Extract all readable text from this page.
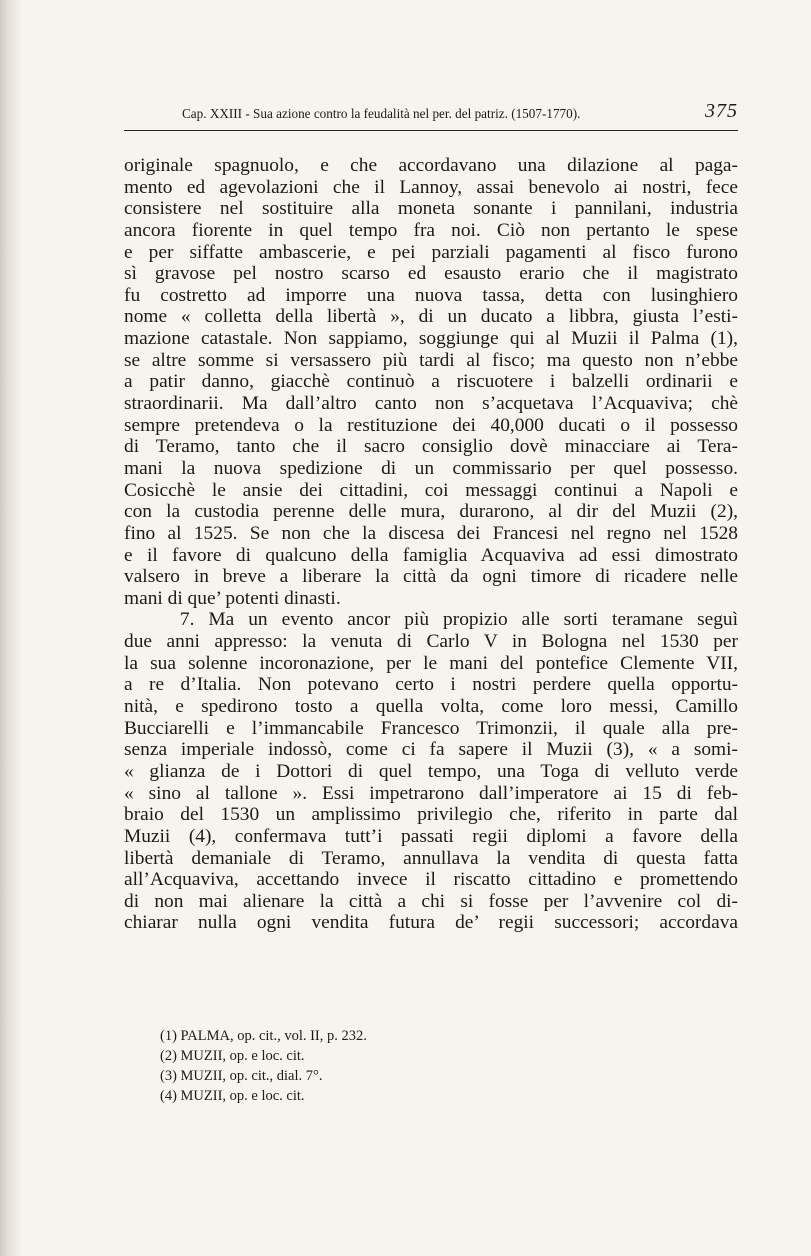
Cap. XXIII - Sua azione contro la feudalità nel per. del patriz. (1507-1770).	375
originale spagnuolo, e che accordavano una dilazione al paga-
mento ed agevolazioni che il Lannoy, assai benevolo ai nostri, fece
consistere nel sostituire alla moneta sonante i pannilani, industria
ancora fiorente in quel tempo fra noi. Ciò non pertanto le spese
e per siffatte ambascerie, e pei parziali pagamenti al fisco furono
sì gravose pel nostro scarso ed esausto erario che il magistrato
fu costretto ad imporre una nuova tassa, detta con lusinghiero
nome « colletta della libertà », di un ducato a libbra, giusta l’esti-
mazione catastale. Non sappiamo, soggiunge qui al Muzii il Palma (1),
se altre somme si versassero più tardi al fisco; ma questo non n’ebbe
a patir danno, giacchè continuò a riscuotere i balzelli ordinarii e
straordinarii. Ma dall’altro canto non s’acquetava l’Acquaviva; chè
sempre pretendeva o la restituzione dei 40,000 ducati o il possesso
di Teramo, tanto che il sacro consiglio dovè minacciare ai Tera-
mani la nuova spedizione di un commissario per quel possesso.
Cosicchè le ansie dei cittadini, coi messaggi continui a Napoli e
con la custodia perenne delle mura, durarono, al dir del Muzii (2),
fino al 1525. Se non che la discesa dei Francesi nel regno nel 1528
e il favore di qualcuno della famiglia Acquaviva ad essi dimostrato
valsero in breve a liberare la città da ogni timore di ricadere nelle
mani di que’ potenti dinasti.
7. Ma un evento ancor più propizio alle sorti teramane seguì
due anni appresso: la venuta di Carlo V in Bologna nel 1530 per
la sua solenne incoronazione, per le mani del pontefice Clemente VII,
a re d’Italia. Non potevano certo i nostri perdere quella opportu-
nità, e spedirono tosto a quella volta, come loro messi, Camillo
Bucciarelli e l’immancabile Francesco Trimonzii, il quale alla pre-
senza imperiale indossò, come ci fa sapere il Muzii (3), « a somi-
« glianza de i Dottori di quel tempo, una Toga di velluto verde
« sino al tallone ». Essi impetrarono dall’imperatore ai 15 di feb-
braio del 1530 un amplissimo privilegio che, riferito in parte dal
Muzii (4), confermava tutt’i passati regii diplomi a favore della
libertà demaniale di Teramo, annullava la vendita di questa fatta
all’Acquaviva, accettando invece il riscatto cittadino e promettendo
di non mai alienare la città a chi si fosse per l’avvenire col di-
chiarar nulla ogni vendita futura de’ regii successori; accordava
(1) PALMA, op. cit., vol. II, p. 232.
(2) MUZII, op. e loc. cit.
(3) MUZII, op. cit., dial. 7°.
(4) MUZII, op. e loc. cit.
